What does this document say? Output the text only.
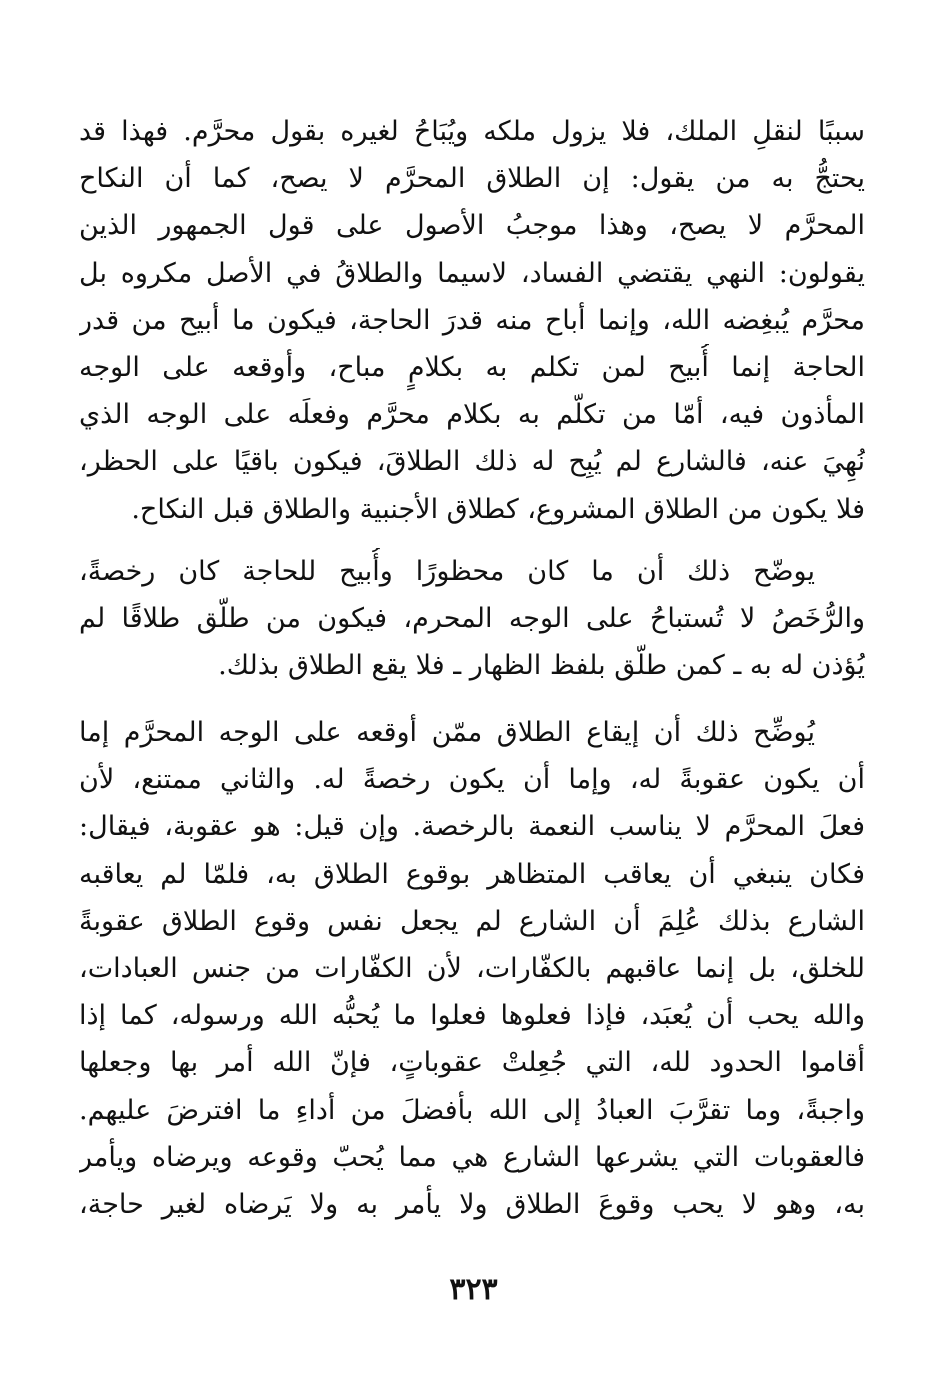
سببًا لنقلِ الملك، فلا يزول ملكه ويُبَاحُ لغيره بقول محرَّم. فهذا قد
يحتجُّ به من يقول: إن الطلاق المحرَّم لا يصح، كما أن النكاح
المحرَّم لا يصح، وهذا موجبُ الأصول على قول الجمهور الذين
يقولون: النهي يقتضي الفساد، لاسيما والطلاقُ في الأصل مكروه بل
محرَّم يُبغِضه الله، وإنما أباح منه قدرَ الحاجة، فيكون ما أبيح من قدر
الحاجة إنما أُبيح لمن تكلم به بكلامٍ مباح، وأوقعه على الوجه
المأذون فيه، أمّا من تكلّم به بكلام محرَّم وفعلَه على الوجه الذي
نُهِيَ عنه، فالشارع لم يُبِح له ذلك الطلاقَ، فيكون باقيًا على الحظر،
فلا يكون من الطلاق المشروع، كطلاق الأجنبية والطلاق قبل النكاح.
يوضّح ذلك أن ما كان محظورًا وأُبيح للحاجة كان رخصةً،
والرُّخَصُ لا تُستباحُ على الوجه المحرم، فيكون من طلّق طلاقًا لم
يُؤذن له به ـ كمن طلّق بلفظ الظهار ـ فلا يقع الطلاق بذلك.
يُوضِّح ذلك أن إيقاع الطلاق ممّن أوقعه على الوجه المحرَّم إما
أن يكون عقوبةً له، وإما أن يكون رخصةً له. والثاني ممتنع، لأن
فعلَ المحرَّم لا يناسب النعمة بالرخصة. وإن قيل: هو عقوبة، فيقال:
فكان ينبغي أن يعاقب المتظاهر بوقوع الطلاق به، فلمّا لم يعاقبه
الشارع بذلك عُلِمَ أن الشارع لم يجعل نفس وقوع الطلاق عقوبةً
للخلق، بل إنما عاقبهم بالكفّارات، لأن الكفّارات من جنس العبادات،
والله يحب أن يُعبَد، فإذا فعلوها فعلوا ما يُحبُّه الله ورسوله، كما إذا
أقاموا الحدود لله، التي جُعِلتْ عقوباتٍ، فإنّ الله أمر بها وجعلها
واجبةً، وما تقرَّبَ العبادُ إلى الله بأفضلَ من أداءِ ما افترضَ عليهم.
فالعقوبات التي يشرعها الشارع هي مما يُحبّ وقوعه ويرضاه ويأمر
به، وهو لا يحب وقوعَ الطلاق ولا يأمر به ولا يَرضاه لغير حاجة،
٣٢٣
